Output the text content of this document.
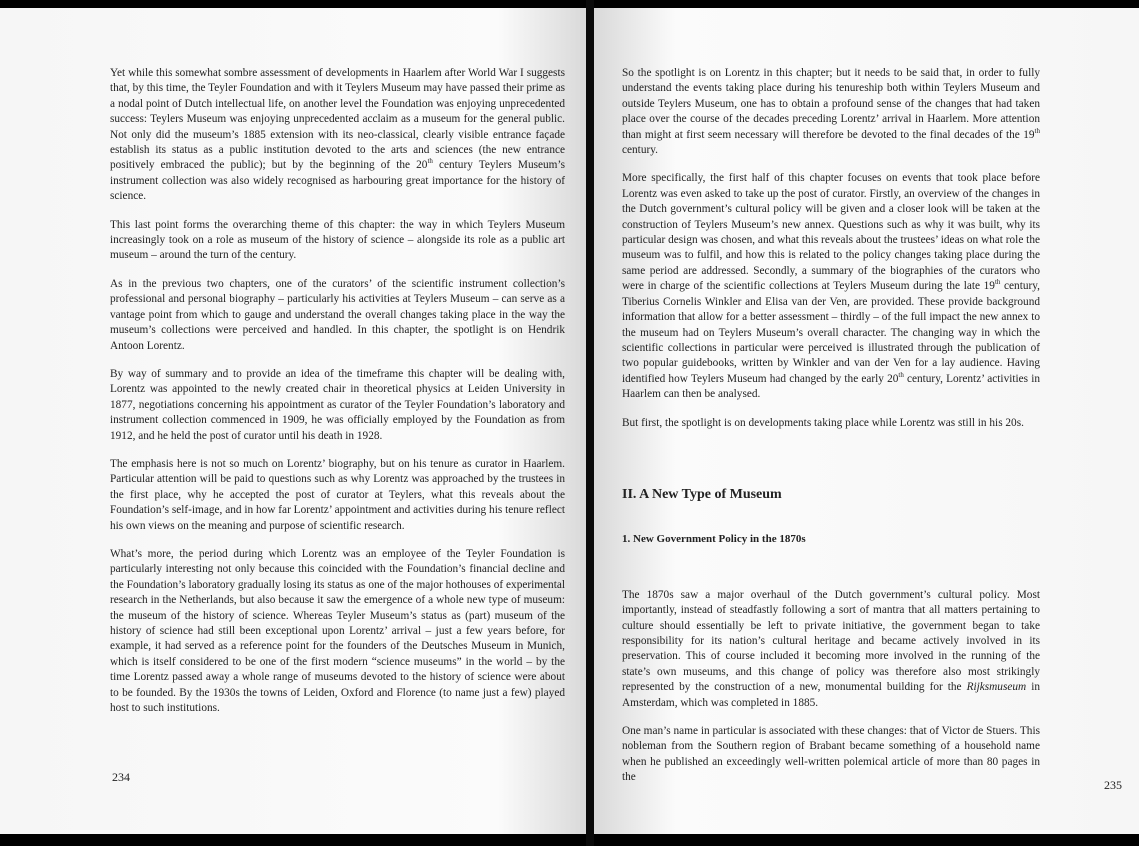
Yet while this somewhat sombre assessment of developments in Haarlem after World War I suggests that, by this time, the Teyler Foundation and with it Teylers Museum may have passed their prime as a nodal point of Dutch intellectual life, on another level the Foundation was enjoying unprecedented success: Teylers Museum was enjoying unprecedented acclaim as a museum for the general public. Not only did the museum’s 1885 extension with its neo-classical, clearly visible entrance façade establish its status as a public institution devoted to the arts and sciences (the new entrance positively embraced the public); but by the beginning of the 20th century Teylers Museum’s instrument collection was also widely recognised as harbouring great importance for the history of science.

This last point forms the overarching theme of this chapter: the way in which Teylers Museum increasingly took on a role as museum of the history of science – alongside its role as a public art museum – around the turn of the century.

As in the previous two chapters, one of the curators’ of the scientific instrument collection’s professional and personal biography – particularly his activities at Teylers Museum – can serve as a vantage point from which to gauge and understand the overall changes taking place in the way the museum’s collections were perceived and handled. In this chapter, the spotlight is on Hendrik Antoon Lorentz.

By way of summary and to provide an idea of the timeframe this chapter will be dealing with, Lorentz was appointed to the newly created chair in theoretical physics at Leiden University in 1877, negotiations concerning his appointment as curator of the Teyler Foundation’s laboratory and instrument collection commenced in 1909, he was officially employed by the Foundation as from 1912, and he held the post of curator until his death in 1928.

The emphasis here is not so much on Lorentz’ biography, but on his tenure as curator in Haarlem. Particular attention will be paid to questions such as why Lorentz was approached by the trustees in the first place, why he accepted the post of curator at Teylers, what this reveals about the Foundation’s self-image, and in how far Lorentz’ appointment and activities during his tenure reflect his own views on the meaning and purpose of scientific research.

What’s more, the period during which Lorentz was an employee of the Teyler Foundation is particularly interesting not only because this coincided with the Foundation’s financial decline and the Foundation’s laboratory gradually losing its status as one of the major hothouses of experimental research in the Netherlands, but also because it saw the emergence of a whole new type of museum: the museum of the history of science. Whereas Teyler Museum’s status as (part) museum of the history of science had still been exceptional upon Lorentz’ arrival – just a few years before, for example, it had served as a reference point for the founders of the Deutsches Museum in Munich, which is itself considered to be one of the first modern “science museums” in the world – by the time Lorentz passed away a whole range of museums devoted to the history of science were about to be founded. By the 1930s the towns of Leiden, Oxford and Florence (to name just a few) played host to such institutions.

234

So the spotlight is on Lorentz in this chapter; but it needs to be said that, in order to fully understand the events taking place during his tenureship both within Teylers Museum and outside Teylers Museum, one has to obtain a profound sense of the changes that had taken place over the course of the decades preceding Lorentz’ arrival in Haarlem. More attention than might at first seem necessary will therefore be devoted to the final decades of the 19th century.

More specifically, the first half of this chapter focuses on events that took place before Lorentz was even asked to take up the post of curator. Firstly, an overview of the changes in the Dutch government’s cultural policy will be given and a closer look will be taken at the construction of Teylers Museum’s new annex. Questions such as why it was built, why its particular design was chosen, and what this reveals about the trustees’ ideas on what role the museum was to fulfil, and how this is related to the policy changes taking place during the same period are addressed. Secondly, a summary of the biographies of the curators who were in charge of the scientific collections at Teylers Museum during the late 19th century, Tiberius Cornelis Winkler and Elisa van der Ven, are provided. These provide background information that allow for a better assessment – thirdly – of the full impact the new annex to the museum had on Teylers Museum’s overall character. The changing way in which the scientific collections in particular were perceived is illustrated through the publication of two popular guidebooks, written by Winkler and van der Ven for a lay audience. Having identified how Teylers Museum had changed by the early 20th century, Lorentz’ activities in Haarlem can then be analysed.

But first, the spotlight is on developments taking place while Lorentz was still in his 20s.

II. A New Type of Museum
1. New Government Policy in the 1870s

The 1870s saw a major overhaul of the Dutch government’s cultural policy. Most importantly, instead of steadfastly following a sort of mantra that all matters pertaining to culture should essentially be left to private initiative, the government began to take responsibility for its nation’s cultural heritage and became actively involved in its preservation. This of course included it becoming more involved in the running of the state’s own museums, and this change of policy was therefore also most strikingly represented by the construction of a new, monumental building for the Rijksmuseum in Amsterdam, which was completed in 1885.

One man’s name in particular is associated with these changes: that of Victor de Stuers. This nobleman from the Southern region of Brabant became something of a household name when he published an exceedingly well-written polemical article of more than 80 pages in the

235
